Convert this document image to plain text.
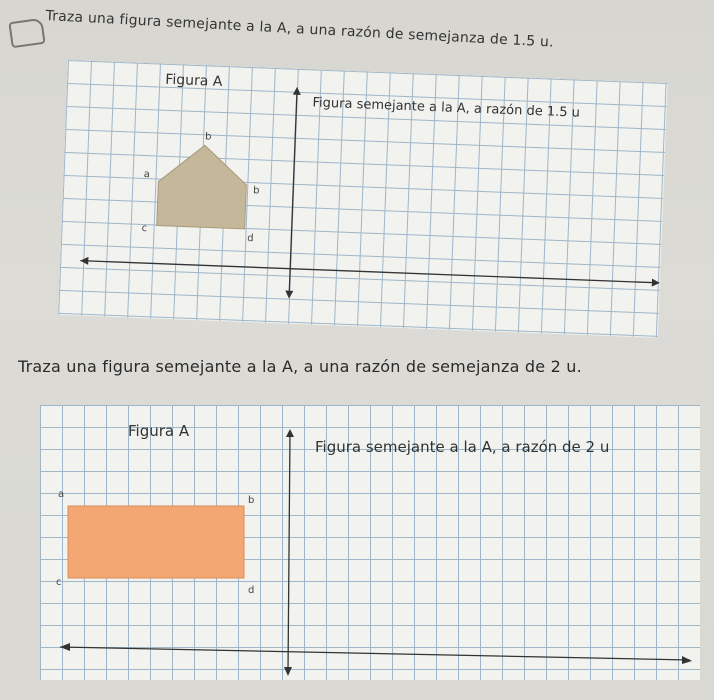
Traza una figura semejante a la A, a una razón de semejanza de 1.5 u.
Figura A
Figura semejante a la A, a razón de 1.5 u
b
a
b
c
d
Traza una figura semejante a la A, a una razón de semejanza de 2 u.
Figura A
Figura semejante a la A, a razón de 2 u
a
b
c
d
